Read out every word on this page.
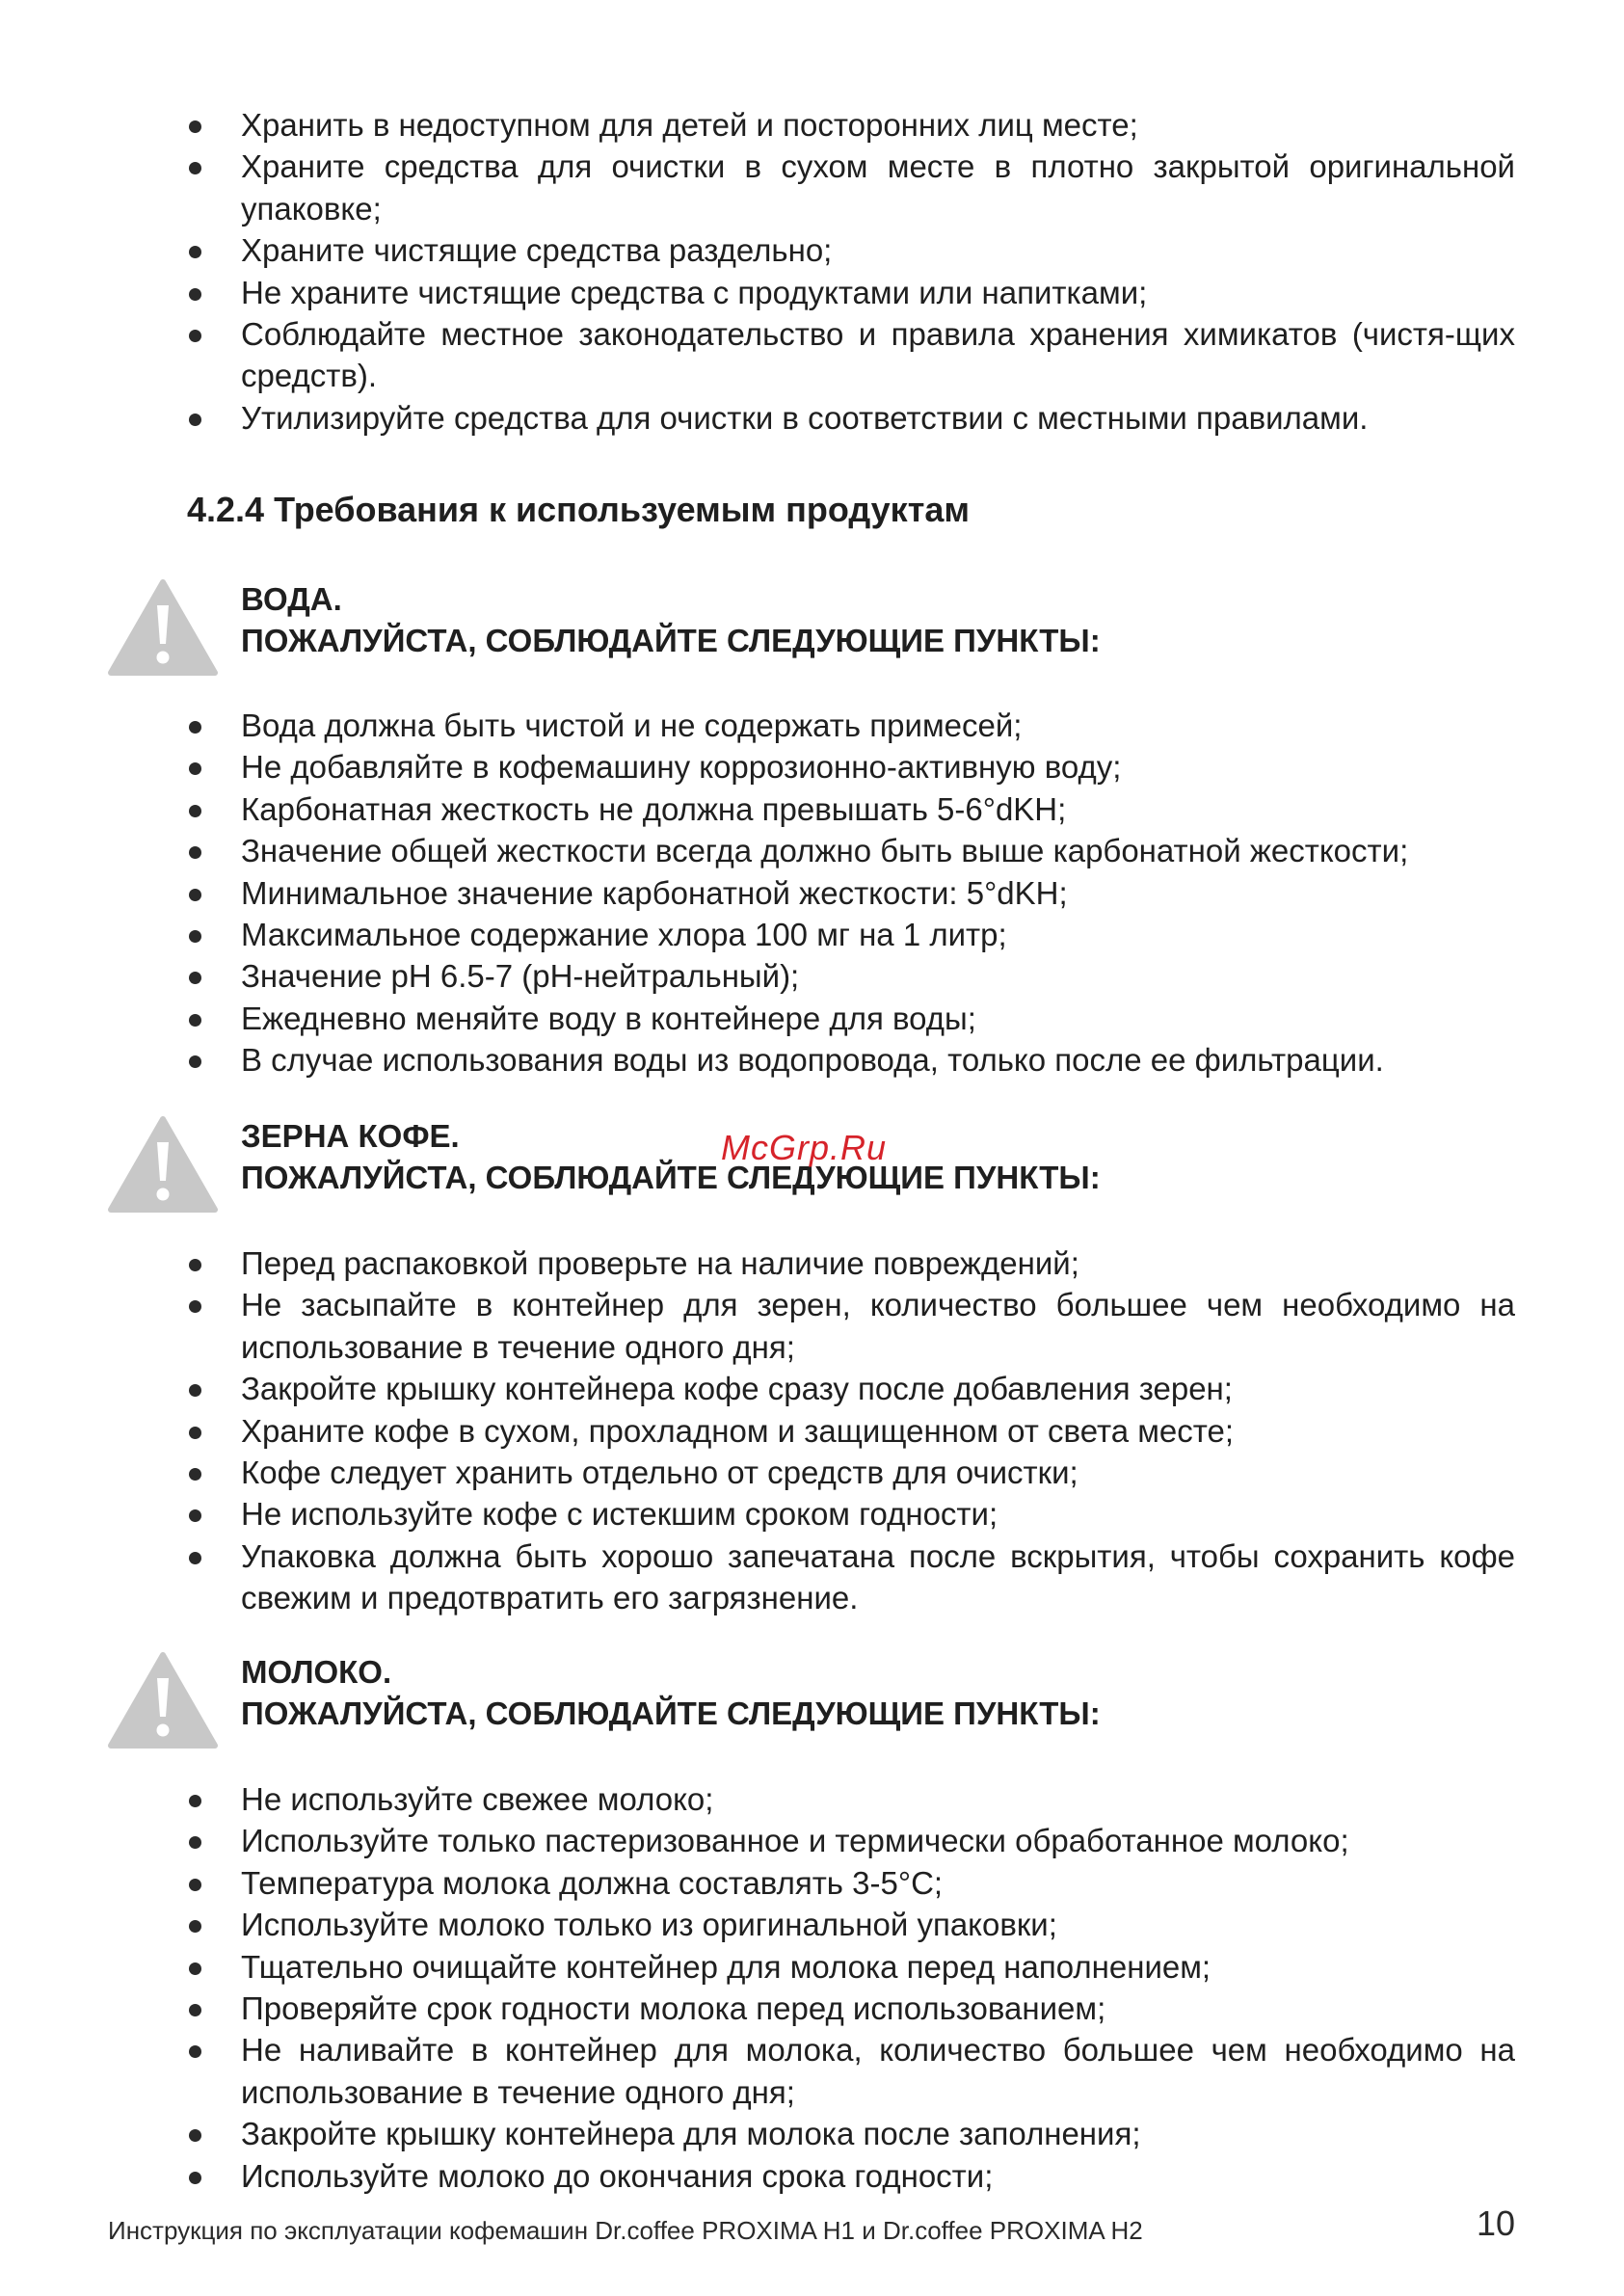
Хранить в недоступном для детей и посторонних лиц месте;
Храните средства для очистки в сухом месте в плотно закрытой оригинальной упаковке;
Храните чистящие средства раздельно;
Не храните чистящие средства с продуктами или напитками;
Соблюдайте местное законодательство и правила хранения химикатов (чистя-щих средств).
Утилизируйте средства для очистки в соответствии с местными правилами.
4.2.4 Требования к используемым продуктам
ВОДА.
ПОЖАЛУЙСТА, СОБЛЮДАЙТЕ СЛЕДУЮЩИЕ ПУНКТЫ:
Вода должна быть чистой и не содержать примесей;
Не добавляйте в кофемашину коррозионно-активную воду;
Карбонатная жесткость не должна превышать 5-6°dKH;
Значение общей жесткости всегда должно быть выше карбонатной жесткости;
Минимальное значение карбонатной жесткости: 5°dKH;
Максимальное содержание хлора 100 мг на 1 литр;
Значение pH 6.5-7 (pH-нейтральный);
Ежедневно меняйте воду в контейнере для воды;
В случае использования воды из водопровода, только после ее фильтрации.
ЗЕРНА КОФЕ.
ПОЖАЛУЙСТА, СОБЛЮДАЙТЕ СЛЕДУЮЩИЕ ПУНКТЫ:
Перед распаковкой проверьте на наличие повреждений;
Не засыпайте в контейнер для зерен, количество большее чем необходимо на использование в течение одного дня;
Закройте крышку контейнера кофе сразу после добавления зерен;
Храните кофе в сухом, прохладном и защищенном от света месте;
Кофе следует хранить отдельно от средств для очистки;
Не используйте кофе с истекшим сроком годности;
Упаковка должна быть хорошо запечатана после вскрытия, чтобы сохранить кофе свежим и предотвратить его загрязнение.
МОЛОКО.
ПОЖАЛУЙСТА, СОБЛЮДАЙТЕ СЛЕДУЮЩИЕ ПУНКТЫ:
Не используйте свежее молоко;
Используйте только пастеризованное и термически обработанное молоко;
Температура молока должна составлять 3-5°C;
Используйте молоко только из оригинальной упаковки;
Тщательно очищайте контейнер для молока перед наполнением;
Проверяйте срок годности молока перед использованием;
Не наливайте в контейнер для молока, количество большее чем необходимо на использование в течение одного дня;
Закройте крышку контейнера для молока после заполнения;
Используйте молоко до окончания срока годности;
McGrp.Ru
Инструкция по эксплуатации кофемашин Dr.coffee PROXIMA H1 и Dr.coffee PROXIMA H2	10
